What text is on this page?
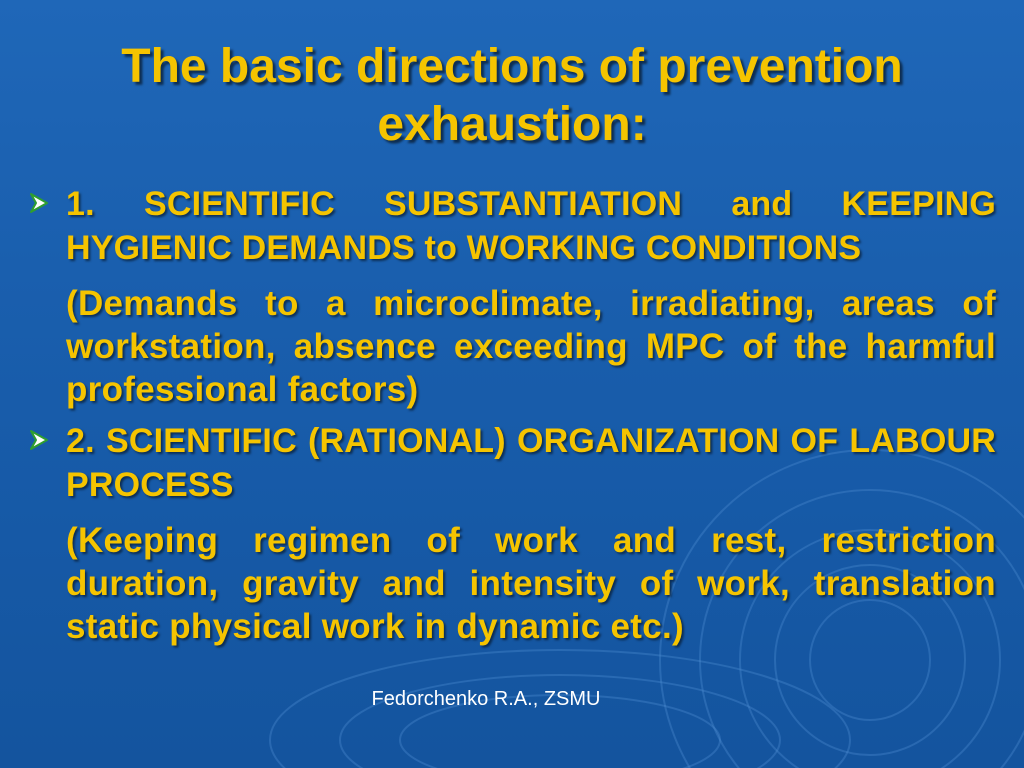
The basic directions of prevention exhaustion:
1. SCIENTIFIC SUBSTANTIATION and KEEPING HYGIENIC DEMANDS to WORKING CONDITIONS
(Demands to a microclimate, irradiating, areas of workstation, absence exceeding MPC of the harmful professional factors)
2. SCIENTIFIC (RATIONAL) ORGANIZATION OF LABOUR PROCESS
(Keeping regimen of work and rest, restriction duration, gravity and intensity of work, translation static physical work in dynamic etc.)
Fedorchenko R.A., ZSMU
